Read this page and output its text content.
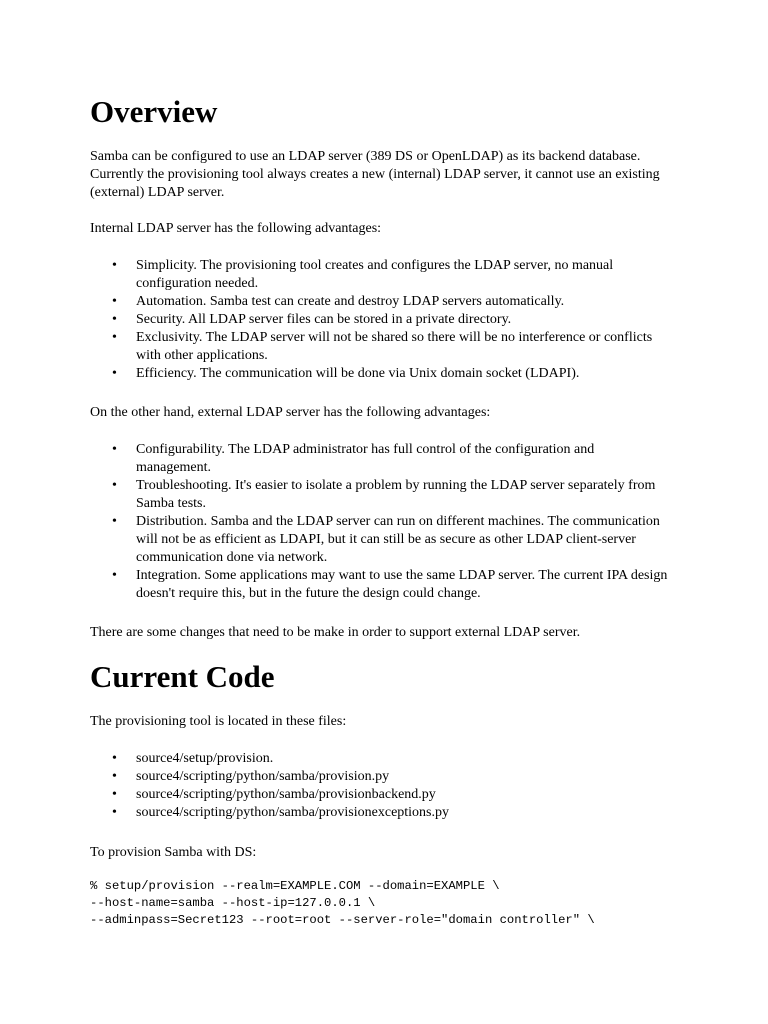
Overview

Samba can be configured to use an LDAP server (389 DS or OpenLDAP) as its backend database. Currently the provisioning tool always creates a new (internal) LDAP server, it cannot use an existing (external) LDAP server.

Internal LDAP server has the following advantages:

• Simplicity. The provisioning tool creates and configures the LDAP server, no manual configuration needed.
• Automation. Samba test can create and destroy LDAP servers automatically.
• Security. All LDAP server files can be stored in a private directory.
• Exclusivity. The LDAP server will not be shared so there will be no interference or conflicts with other applications.
• Efficiency. The communication will be done via Unix domain socket (LDAPI).

On the other hand, external LDAP server has the following advantages:

• Configurability. The LDAP administrator has full control of the configuration and management.
• Troubleshooting. It's easier to isolate a problem by running the LDAP server separately from Samba tests.
• Distribution. Samba and the LDAP server can run on different machines. The communication will not be as efficient as LDAPI, but it can still be as secure as other LDAP client-server communication done via network.
• Integration. Some applications may want to use the same LDAP server. The current IPA design doesn't require this, but in the future the design could change.

There are some changes that need to be make in order to support external LDAP server.

Current Code

The provisioning tool is located in these files:

• source4/setup/provision.
• source4/scripting/python/samba/provision.py
• source4/scripting/python/samba/provisionbackend.py
• source4/scripting/python/samba/provisionexceptions.py

To provision Samba with DS:

% setup/provision --realm=EXAMPLE.COM --domain=EXAMPLE \
--host-name=samba --host-ip=127.0.0.1 \
--adminpass=Secret123 --root=root --server-role="domain controller" \
